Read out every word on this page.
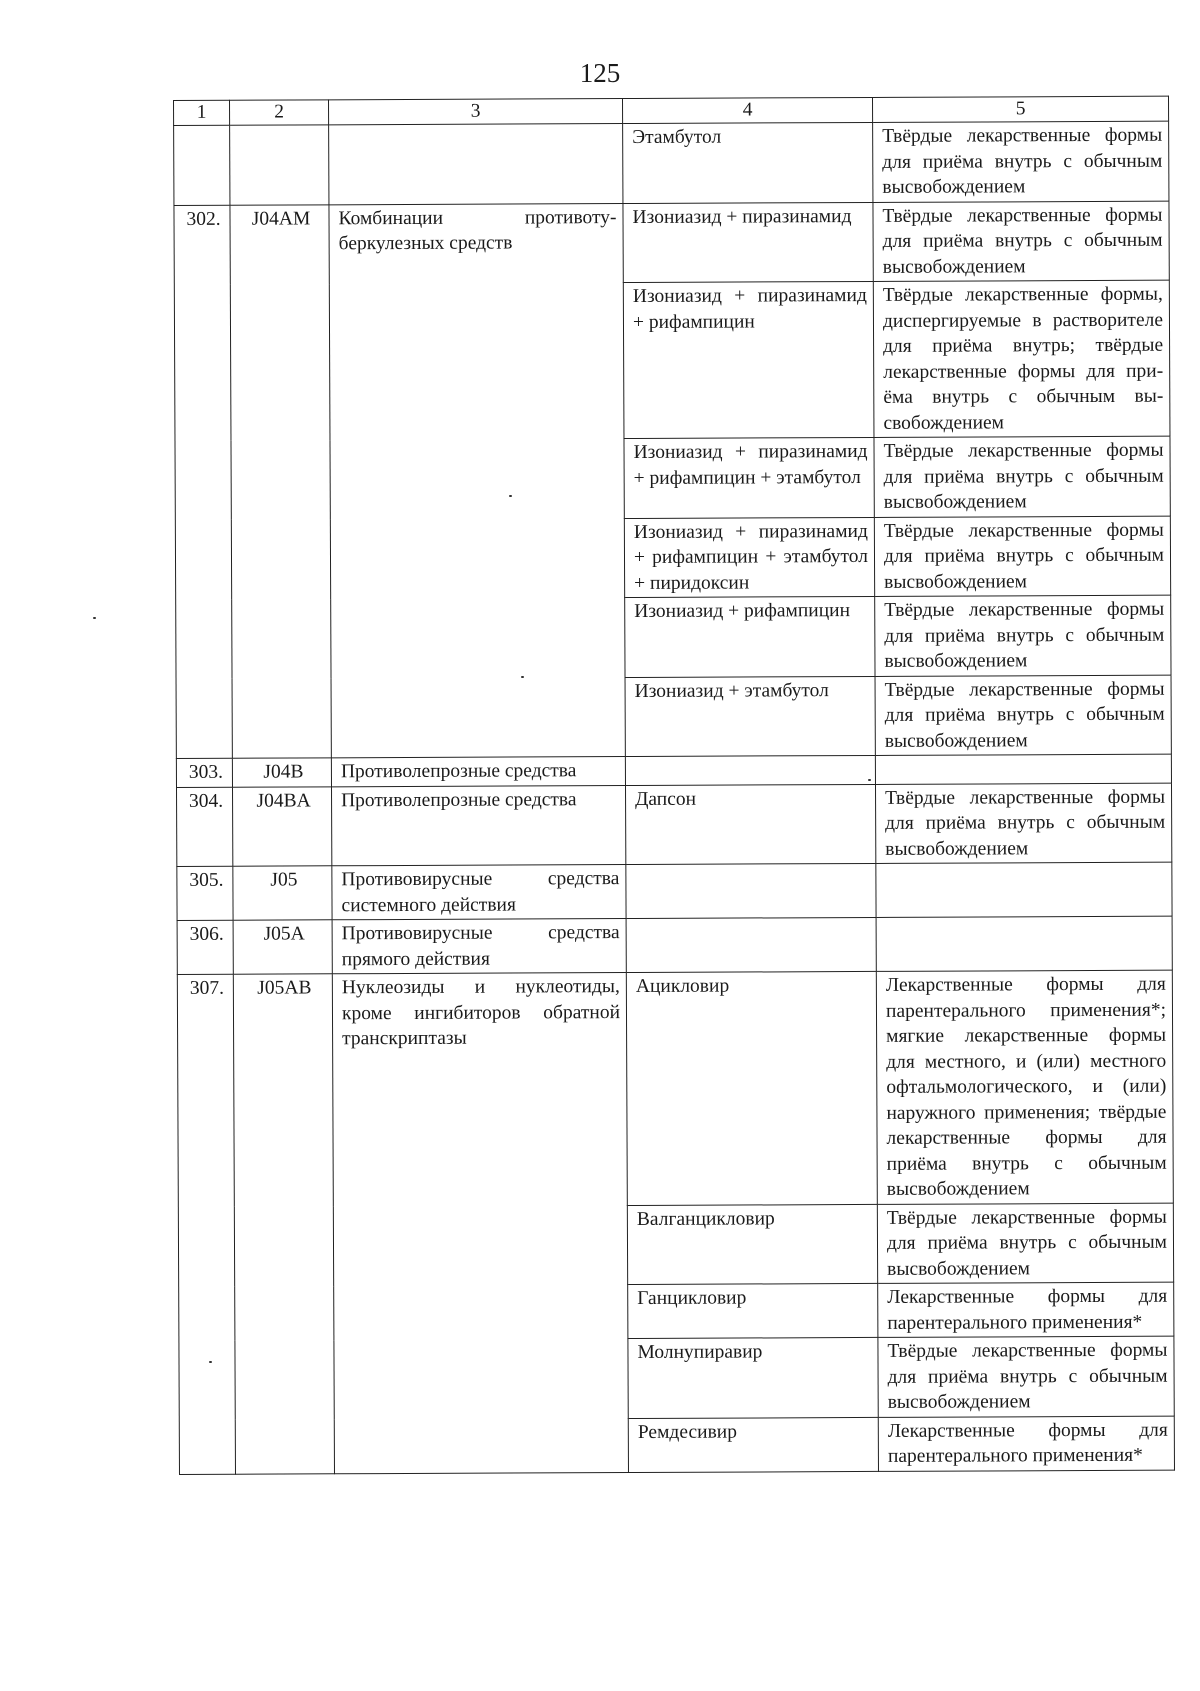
125
1	2	3	4	5
			Этамбутол	Твёрдые лекарственные формы для приёма внутрь с обычным высвобождением
302.	J04AM	Комбинации противотуберкулезных средств	Изониазид + пиразинамид	Твёрдые лекарственные формы для приёма внутрь с обычным высвобождением
			Изониазид + пиразинамид + рифампицин	Твёрдые лекарственные формы, диспергируемые в растворителе для приёма внутрь; твёрдые лекарственные формы для приёма внутрь с обычным высвобождением
			Изониазид + пиразинамид + рифампицин + этамбутол	Твёрдые лекарственные формы для приёма внутрь с обычным высвобождением
			Изониазид + пиразинамид + рифампицин + этамбутол + пиридоксин	Твёрдые лекарственные формы для приёма внутрь с обычным высвобождением
			Изониазид + рифампицин	Твёрдые лекарственные формы для приёма внутрь с обычным высвобождением
			Изониазид + этамбутол	Твёрдые лекарственные формы для приёма внутрь с обычным высвобождением
303.	J04B	Противолепрозные средства		
304.	J04BA	Противолепрозные средства	Дапсон	Твёрдые лекарственные формы для приёма внутрь с обычным высвобождением
305.	J05	Противовирусные средства системного действия		
306.	J05A	Противовирусные средства прямого действия		
307.	J05AB	Нуклеозиды и нуклеотиды, кроме ингибиторов обратной транскриптазы	Ацикловир	Лекарственные формы для парентерального применения*; мягкие лекарственные формы для местного, и (или) местного офтальмологического, и (или) наружного применения; твёрдые лекарственные формы для приёма внутрь с обычным высвобождением
			Валганцикловир	Твёрдые лекарственные формы для приёма внутрь с обычным высвобождением
			Ганцикловир	Лекарственные формы для парентерального применения*
			Молнупиравир	Твёрдые лекарственные формы для приёма внутрь с обычным высвобождением
			Ремдесивир	Лекарственные формы для парентерального применения*
